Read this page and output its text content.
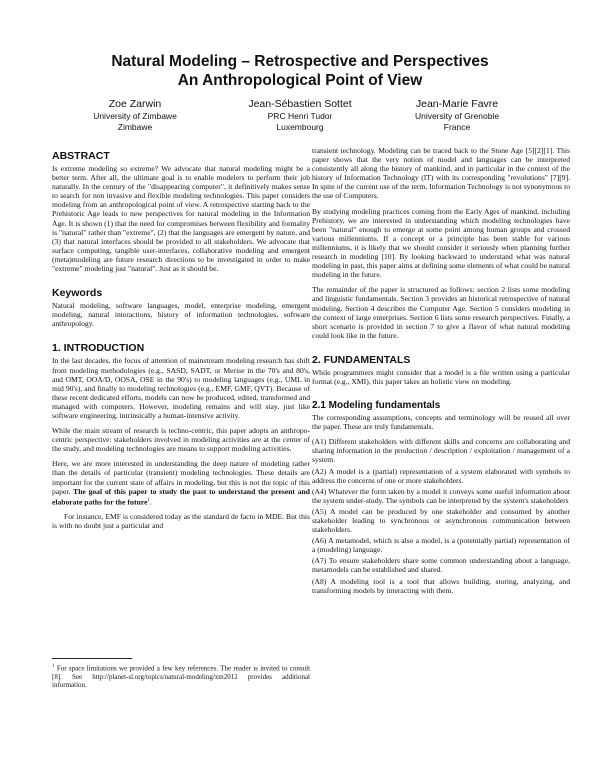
Natural Modeling – Retrospective and Perspectives
An Anthropological Point of View
Zoe Zarwin
University of Zimbawe
Zimbawe
Jean-Sébastien Sottet
PRC Henri Tudor
Luxembourg
Jean-Marie Favre
University of Grenoble
France
ABSTRACT

Is extreme modeling so extreme? We advocate that natural modeling might be a better term. After all, the ultimate goal is to enable modelers to perform their job naturally. In the century of the "disappearing computer", it definitively makes sense to search for non invasive and flexible modeling technologies. This paper considers modeling from an anthropological point of view. A retrospective starting back to the Prehistoric Age leads to new perspectives for natural modeling in the Information Age. It is shown (1) that the need for compromises between flexibility and formality is "natural" rather than "extreme", (2) that the languages are emergent by nature, and (3) that natural interfaces should be provided to all stakeholders. We advocate that surface computing, tangible user-interfaces, collaborative modeling and emergent (meta)modeling are future research directions to be investigated in order to make "extreme" modeling just "natural". Just as it should be.

Keywords

Natural modeling, software languages, model, enterprise modeling, emergent modeling, natural interactions, history of information technologies, software anthropology.

1. INTRODUCTION

In the last decades, the focus of attention of mainstream modeling research has shift from modeling methodologies (e.g., SASD, SADT, or Merise in the 70's and 80's, and OMT, OOA/D, OOSA, OSE in the 90's) to modeling languages (e.g., UML in mid 90's), and finally to modeling technologies (e.g., EMF, GMF, QVT). Because of these recent dedicated efforts, models can now be produced, edited, transformed and managed with computers. However, modeling remains and will stay, just like software engineering, intrinsically a human-intensive activity.

While the main stream of research is techno-centric, this paper adopts an anthropo-centric perspective: stakeholders involved in modeling activities are at the center of the study, and modeling technologies are means to support modeling activities.

Here, we are more interested in understanding the deep nature of modeling rather than the details of particular (transient) modeling technologies. These details are important for the current state of affairs in modeling, but this is not the topic of this paper. The goal of this paper to study the past to understand the present and elaborate paths for the future$^1$.

For instance, EMF is considered today as the standard de facto in MDE. But this is with no doubt just a particular and

$^1$ For space limitations we provided a few key references. The reader is invited to consult [8]. See http://planet-sl.org/topics/natural-modeling/xm2012 provides additional information.

transient technology. Modeling can be traced back to the Stone Age [5][2][1]. This paper shows that the very notion of model and languages can be interpreted consistently all along the history of mankind, and in particular in the context of the history of Information Technology (IT) with its corresponding "revolutions" [7][9]. In spite of the current use of the term, Information Technology is not synonymous to the use of Computers.

By studying modeling practices coming from the Early Ages of mankind, including Prehistory, we are interested in understanding which modeling technologies have been "natural" enough to emerge at some point among human groups and crossed various millenniums. If a concept or a principle has been stable for various millenniums, it is likely that we should consider it seriously when planning further research in modeling [10]. By looking backward to understand what was natural modeling in past, this paper aims at defining some elements of what could be natural modeling in the future.

The remainder of the paper is structured as follows: section 2 lists some modeling and linguistic fundamentals. Section 3 provides an historical retrospective of natural modeling. Section 4 describes the Computer Age. Section 5 considers modeling in the context of large enterprises. Section 6 lists some research perspectives. Finally, a short scenario is provided in section 7 to give a flavor of what natural modeling could look like in the future.

2. FUNDAMENTALS

While programmers might consider that a model is a file written using a particular format (e.g., XMI), this paper takes an holistic view on modeling.

2.1 Modeling fundamentals

The corresponding assumptions, concepts and terminology will be reused all over the paper. These are truly fundamentals.

(A1) Different stakeholders with different skills and concerns are collaborating and sharing information in the production / description / exploitation / management of a system.

(A2) A model is a (partial) representation of a system elaborated with symbols to address the concerns of one or more stakeholders.

(A4) Whatever the form taken by a model it conveys some useful information about the system under-study. The symbols can be interpreted by the system's stakeholders

(A5) A model can be produced by one stakeholder and consumed by another stakeholder leading to synchronous or asynchronous communication between stakeholders.

(A6) A metamodel, which is also a model, is a (potentially partial) representation of a (modeling) language.

(A7) To ensure stakeholders share some common understanding about a language, metamodels can be established and shared.

(A8) A modeling tool is a tool that allows building, storing, analyzing, and transforming models by interacting with them.
